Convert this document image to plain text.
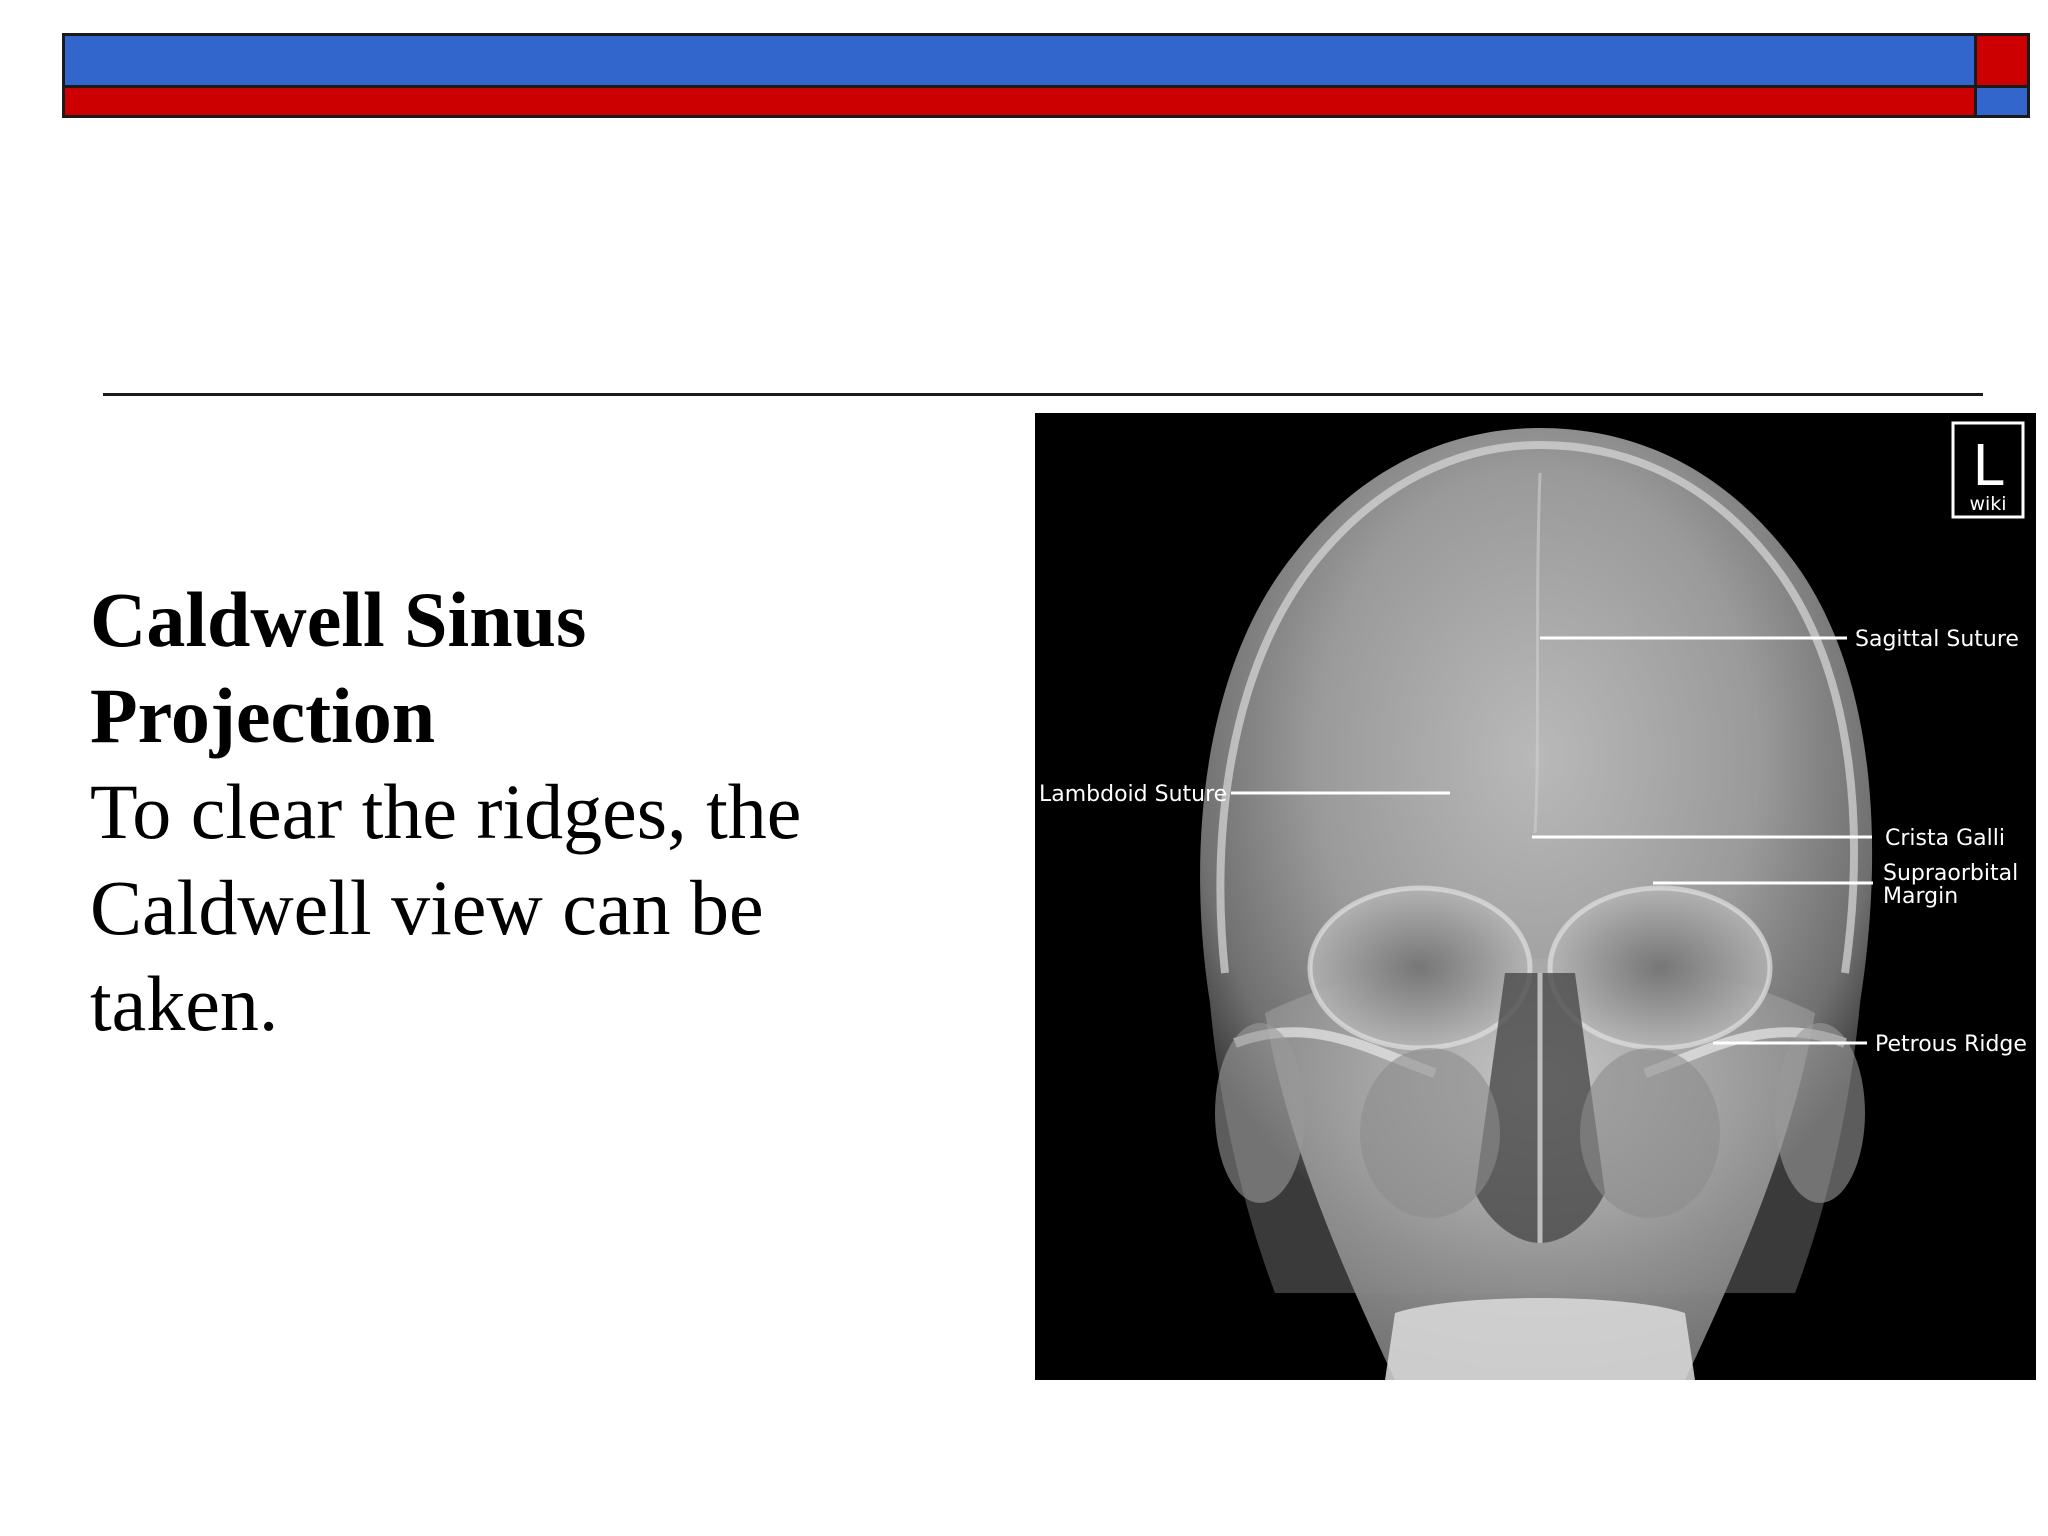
Caldwell Sinus
Projection
To clear the ridges, the
Caldwell view can be
taken.
L
wiki
Sagittal Suture
Lambdoid Suture
Crista Galli
Supraorbital
Margin
Petrous Ridge
